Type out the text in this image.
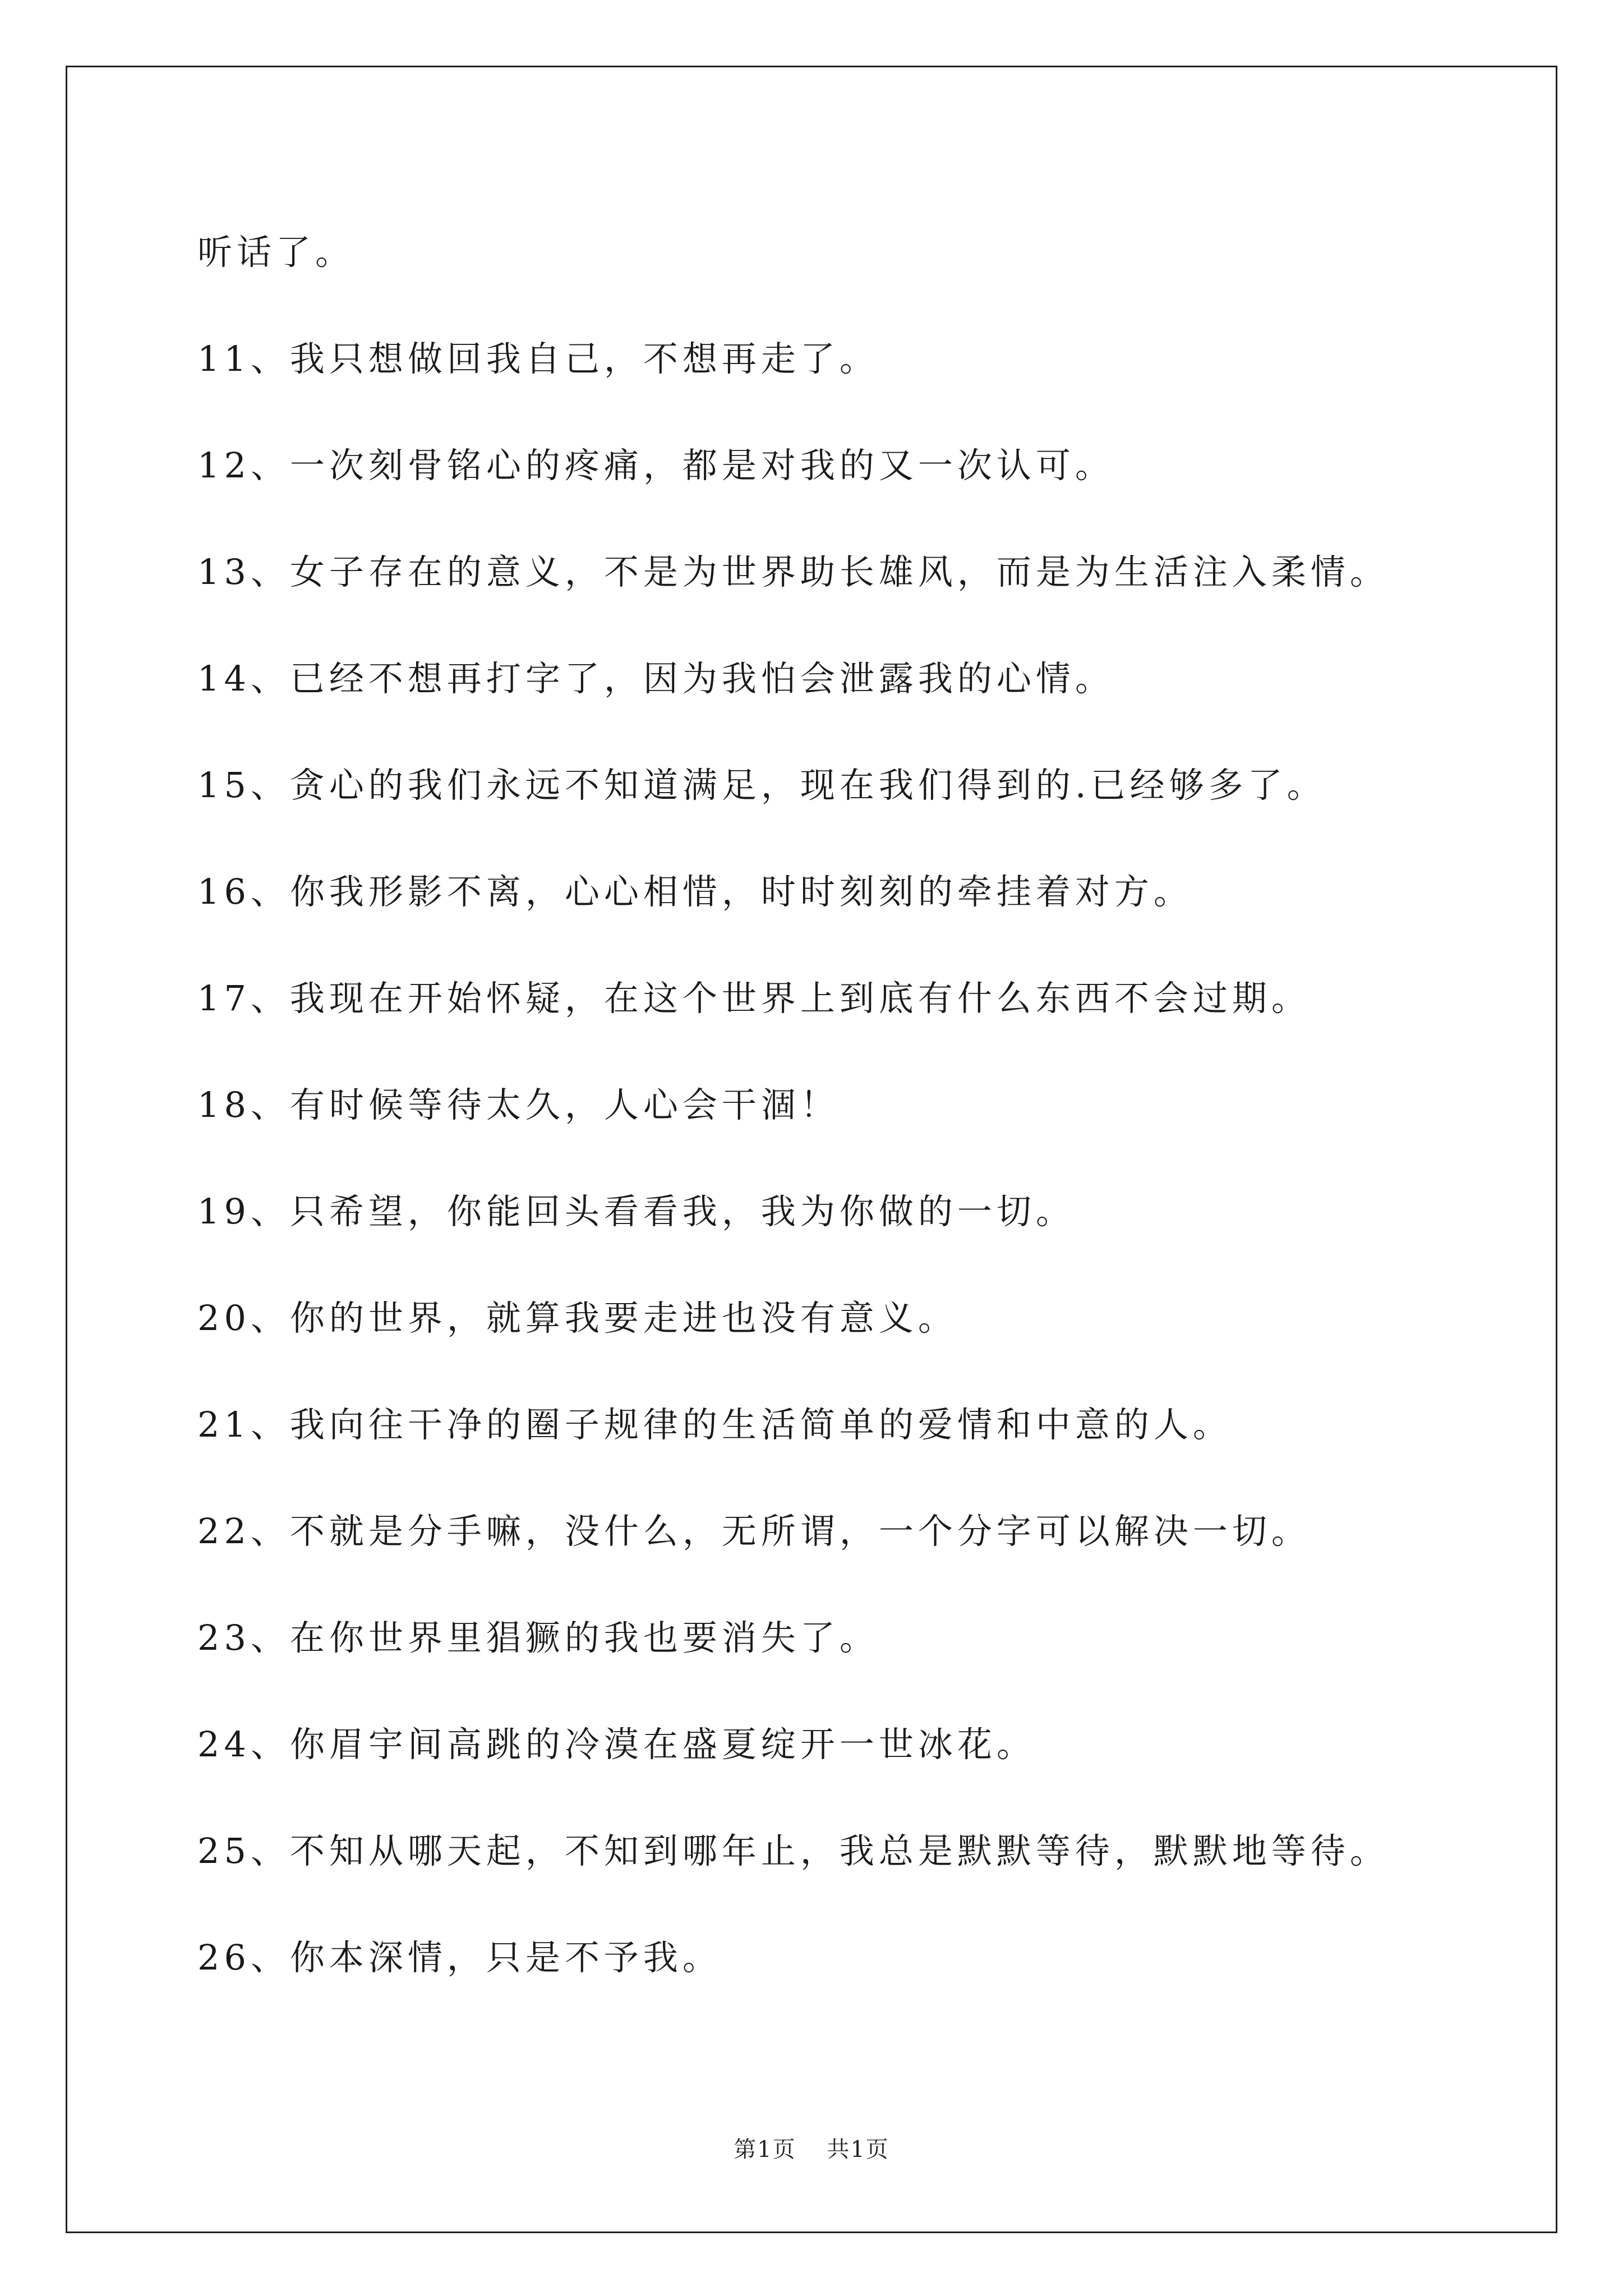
听话了。
11、我只想做回我自己，不想再走了。
12、一次刻骨铭心的疼痛，都是对我的又一次认可。
13、女子存在的意义，不是为世界助长雄风，而是为生活注入柔情。
14、已经不想再打字了，因为我怕会泄露我的心情。
15、贪心的我们永远不知道满足，现在我们得到的.已经够多了。
16、你我形影不离，心心相惜，时时刻刻的牵挂着对方。
17、我现在开始怀疑，在这个世界上到底有什么东西不会过期。
18、有时候等待太久，人心会干涸！
19、只希望，你能回头看看我，我为你做的一切。
20、你的世界，就算我要走进也没有意义。
21、我向往干净的圈子规律的生活简单的爱情和中意的人。
22、不就是分手嘛，没什么，无所谓，一个分字可以解决一切。
23、在你世界里猖獗的我也要消失了。
24、你眉宇间高跳的冷漠在盛夏绽开一世冰花。
25、不知从哪天起，不知到哪年止，我总是默默等待，默默地等待。
26、你本深情，只是不予我。
第1页 共1页
